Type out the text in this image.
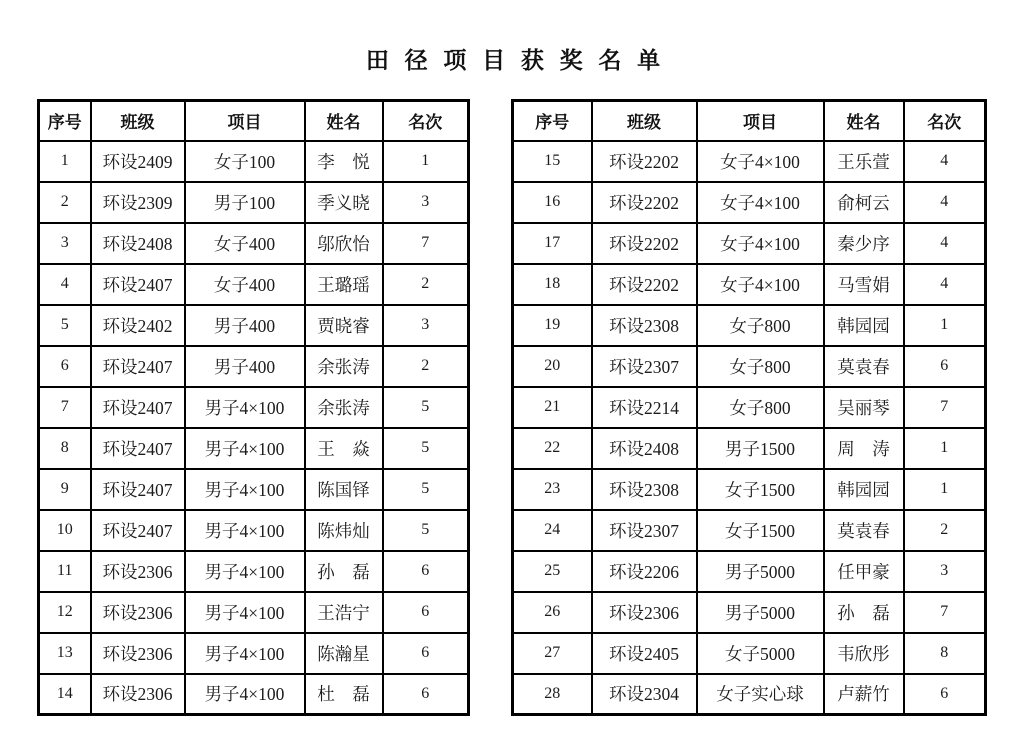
田 径 项 目 获 奖 名 单
序号	班级	项目	姓名	名次
1	环设2409	女子100	李　悦	1
2	环设2309	男子100	季义晓	3
3	环设2408	女子400	邬欣怡	7
4	环设2407	女子400	王璐瑶	2
5	环设2402	男子400	贾晓睿	3
6	环设2407	男子400	余张涛	2
7	环设2407	男子4×100	余张涛	5
8	环设2407	男子4×100	王　焱	5
9	环设2407	男子4×100	陈国铎	5
10	环设2407	男子4×100	陈炜灿	5
11	环设2306	男子4×100	孙　磊	6
12	环设2306	男子4×100	王浩宁	6
13	环设2306	男子4×100	陈瀚星	6
14	环设2306	男子4×100	杜　磊	6
序号	班级	项目	姓名	名次
15	环设2202	女子4×100	王乐萱	4
16	环设2202	女子4×100	俞柯云	4
17	环设2202	女子4×100	秦少序	4
18	环设2202	女子4×100	马雪娟	4
19	环设2308	女子800	韩园园	1
20	环设2307	女子800	莫袁春	6
21	环设2214	女子800	吴丽琴	7
22	环设2408	男子1500	周　涛	1
23	环设2308	女子1500	韩园园	1
24	环设2307	女子1500	莫袁春	2
25	环设2206	男子5000	任甲豪	3
26	环设2306	男子5000	孙　磊	7
27	环设2405	女子5000	韦欣彤	8
28	环设2304	女子实心球	卢薪竹	6
